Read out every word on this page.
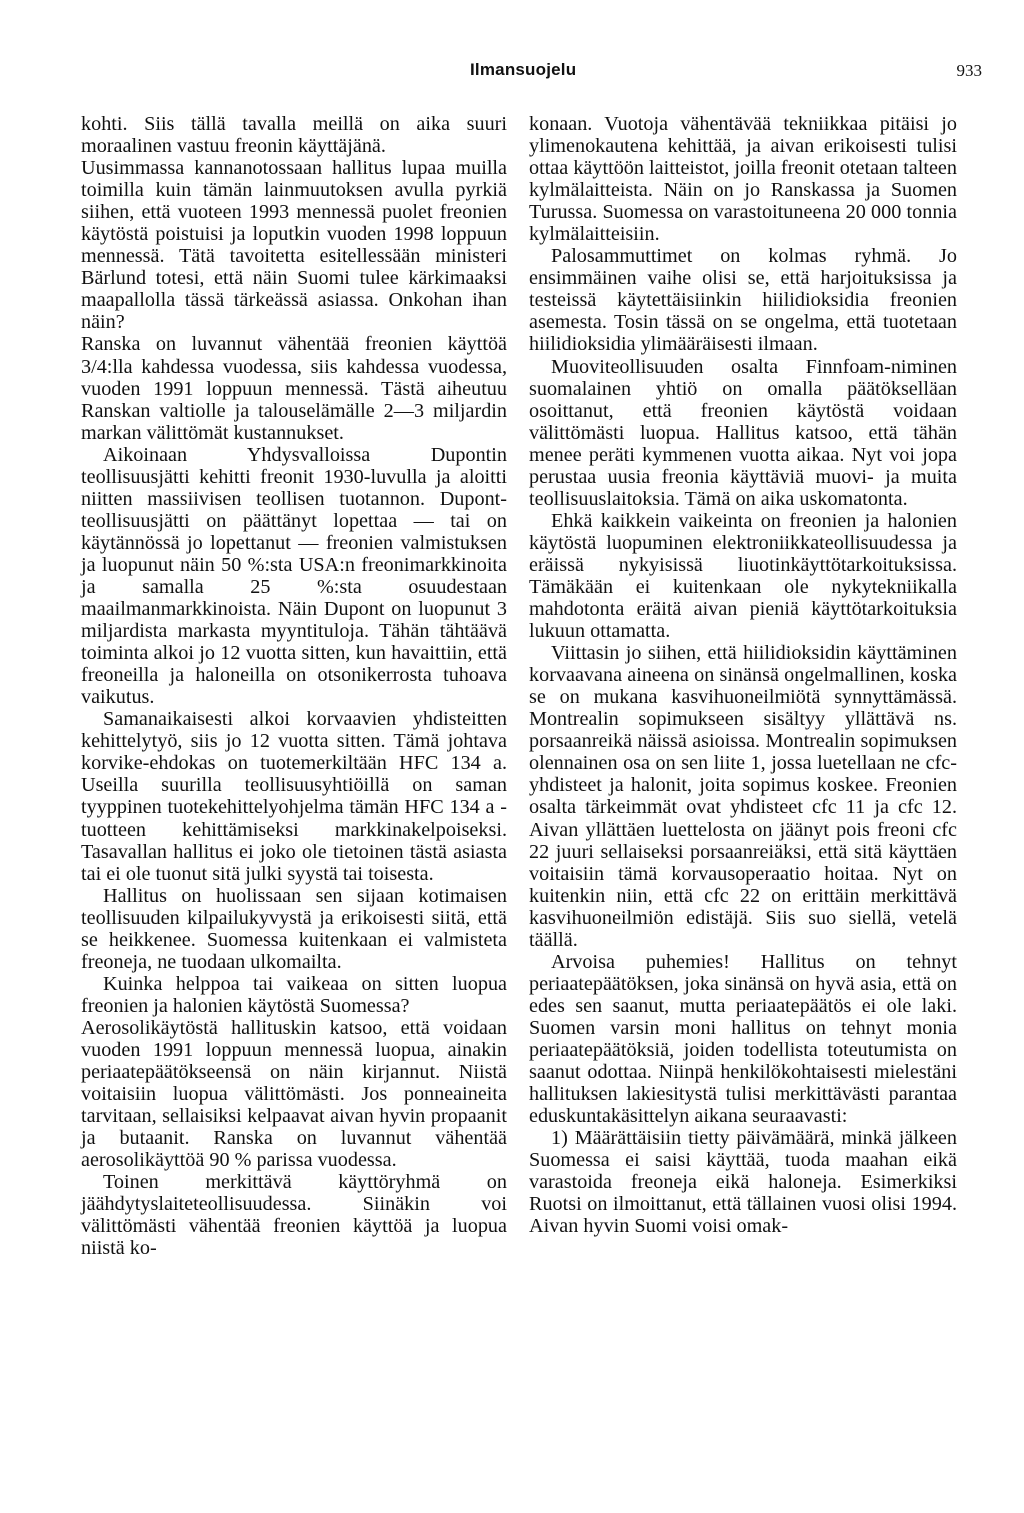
Ilmansuojelu	933

kohti. Siis tällä tavalla meillä on aika suuri moraalinen vastuu freonin käyttäjänä.

Uusimmassa kannanotossaan hallitus lupaa muilla toimilla kuin tämän lainmuutoksen avulla pyrkiä siihen, että vuoteen 1993 mennessä puolet freonien käytöstä poistuisi ja loputkin vuoden 1998 loppuun mennessä. Tätä tavoitetta esitellessään ministeri Bärlund totesi, että näin Suomi tulee kärkimaaksi maapallolla tässä tärkeässä asiassa. Onkohan ihan näin?

Ranska on luvannut vähentää freonien käyttöä 3/4:lla kahdessa vuodessa, siis kahdessa vuodessa, vuoden 1991 loppuun mennessä. Tästä aiheutuu Ranskan valtiolle ja talouselämälle 2—3 miljardin markan välittömät kustannukset.

Aikoinaan Yhdysvalloissa Dupontin teollisuusjätti kehitti freonit 1930-luvulla ja aloitti niitten massiivisen teollisen tuotannon. Dupont-teollisuusjätti on päättänyt lopettaa — tai on käytännössä jo lopettanut — freonien valmistuksen ja luopunut näin 50 %:sta USA:n freonimarkkinoita ja samalla 25 %:sta osuudestaan maailmanmarkkinoista. Näin Dupont on luopunut 3 miljardista markasta myyntituloja. Tähän tähtäävä toiminta alkoi jo 12 vuotta sitten, kun havaittiin, että freoneilla ja haloneilla on otsonikerrosta tuhoava vaikutus.

Samanaikaisesti alkoi korvaavien yhdisteitten kehittelytyö, siis jo 12 vuotta sitten. Tämä johtava korvike-ehdokas on tuotemerkiltään HFC 134 a. Useilla suurilla teollisuusyhtiöillä on saman tyyppinen tuotekehittelyohjelma tämän HFC 134 a -tuotteen kehittämiseksi markkinakelpoiseksi. Tasavallan hallitus ei joko ole tietoinen tästä asiasta tai ei ole tuonut sitä julki syystä tai toisesta.

Hallitus on huolissaan sen sijaan kotimaisen teollisuuden kilpailukyvystä ja erikoisesti siitä, että se heikkenee. Suomessa kuitenkaan ei valmisteta freoneja, ne tuodaan ulkomailta.

Kuinka helppoa tai vaikeaa on sitten luopua freonien ja halonien käytöstä Suomessa?

Aerosolikäytöstä hallituskin katsoo, että voidaan vuoden 1991 loppuun mennessä luopua, ainakin periaatepäätökseensä on näin kirjannut. Niistä voitaisiin luopua välittömästi. Jos ponneaineita tarvitaan, sellaisiksi kelpaavat aivan hyvin propaanit ja butaanit. Ranska on luvannut vähentää aerosolikäyttöä 90 % parissa vuodessa.

Toinen merkittävä käyttöryhmä on jäähdytyslaiteteollisuudessa. Siinäkin voi välittömästi vähentää freonien käyttöä ja luopua niistä ko-

konaan. Vuotoja vähentävää tekniikkaa pitäisi jo ylimenokautena kehittää, ja aivan erikoisesti tulisi ottaa käyttöön laitteistot, joilla freonit otetaan talteen kylmälaitteista. Näin on jo Ranskassa ja Suomen Turussa. Suomessa on varastoituneena 20 000 tonnia kylmälaitteisiin.

Palosammuttimet on kolmas ryhmä. Jo ensimmäinen vaihe olisi se, että harjoituksissa ja testeissä käytettäisiinkin hiilidioksidia freonien asemesta. Tosin tässä on se ongelma, että tuotetaan hiilidioksidia ylimääräisesti ilmaan.

Muoviteollisuuden osalta Finnfoam-niminen suomalainen yhtiö on omalla päätökselläan osoittanut, että freonien käytöstä voidaan välittömästi luopua. Hallitus katsoo, että tähän menee peräti kymmenen vuotta aikaa. Nyt voi jopa perustaa uusia freonia käyttäviä muovi- ja muita teollisuuslaitoksia. Tämä on aika uskomatonta.

Ehkä kaikkein vaikeinta on freonien ja halonien käytöstä luopuminen elektroniikkateollisuudessa ja eräissä nykyisissä liuotinkäyttötarkoituksissa. Tämäkään ei kuitenkaan ole nykytekniikalla mahdotonta eräitä aivan pieniä käyttötarkoituksia lukuun ottamatta.

Viittasin jo siihen, että hiilidioksidin käyttäminen korvaavana aineena on sinänsä ongelmallinen, koska se on mukana kasvihuoneilmiötä synnyttämässä. Montrealin sopimukseen sisältyy yllättävä ns. porsaanreikä näissä asioissa. Montrealin sopimuksen olennainen osa on sen liite 1, jossa luetellaan ne cfc-yhdisteet ja halonit, joita sopimus koskee. Freonien osalta tärkeimmät ovat yhdisteet cfc 11 ja cfc 12. Aivan yllättäen luettelosta on jäänyt pois freoni cfc 22 juuri sellaiseksi porsaanreiäksi, että sitä käyttäen voitaisiin tämä korvausoperaatio hoitaa. Nyt on kuitenkin niin, että cfc 22 on erittäin merkittävä kasvihuoneilmiön edistäjä. Siis suo siellä, vetelä täällä.

Arvoisa puhemies! Hallitus on tehnyt periaatepäätöksen, joka sinänsä on hyvä asia, että on edes sen saanut, mutta periaatepäätös ei ole laki. Suomen varsin moni hallitus on tehnyt monia periaatepäätöksiä, joiden todellista toteutumista on saanut odottaa. Niinpä henkilökohtaisesti mielestäni hallituksen lakiesitystä tulisi merkittävästi parantaa eduskuntakäsittelyn aikana seuraavasti:

1) Määrättäisiin tietty päivämäärä, minkä jälkeen Suomessa ei saisi käyttää, tuoda maahan eikä varastoida freoneja eikä haloneja. Esimerkiksi Ruotsi on ilmoittanut, että tällainen vuosi olisi 1994. Aivan hyvin Suomi voisi omak-
